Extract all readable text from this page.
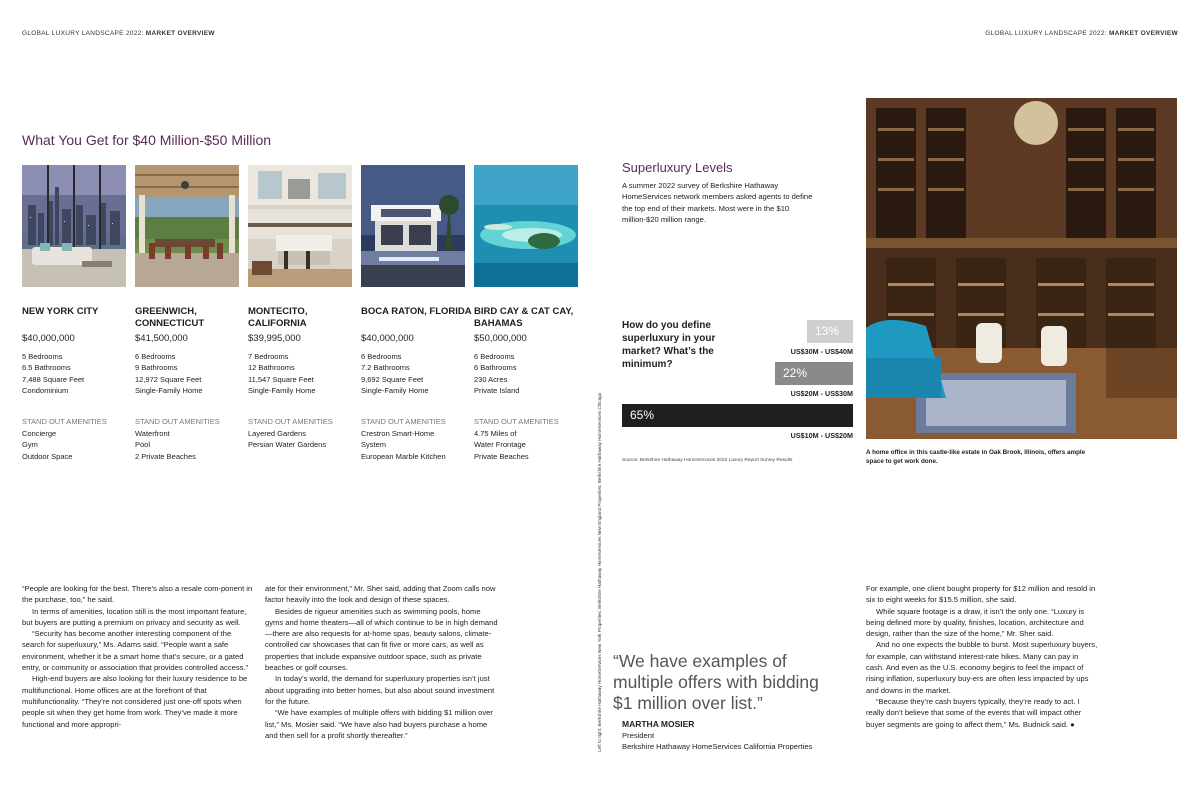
GLOBAL LUXURY LANDSCAPE 2022: MARKET OVERVIEW	GLOBAL LUXURY LANDSCAPE 2022: MARKET OVERVIEW
What You Get for $40 Million-$50 Million
NEW YORK CITY
$40,000,000
5 Bedrooms
6.5 Bathrooms
7,488 Square Feet
Condominium
STAND OUT AMENITIES
Concierge
Gym
Outdoor Space
GREENWICH, CONNECTICUT
$41,500,000
6 Bedrooms
9 Bathrooms
12,972 Square Feet
Single-Family Home
STAND OUT AMENITIES
Waterfront
Pool
2 Private Beaches
MONTECITO, CALIFORNIA
$39,995,000
7 Bedrooms
12 Bathrooms
11,547 Square Feet
Single-Family Home
STAND OUT AMENITIES
Layered Gardens
Persian Water Gardens
BOCA RATON, FLORIDA
$40,000,000
6 Bedrooms
7.2 Bathrooms
9,692 Square Feet
Single-Family Home
STAND OUT AMENITIES
Crestron Smart-Home
System
European Marble Kitchen
BIRD CAY & CAT CAY, BAHAMAS
$50,000,000
6 Bedrooms
6 Bathrooms
230 Acres
Private Island
STAND OUT AMENITIES
4.75 Miles of
Water Frontage
Private Beaches

“People are looking for the best. There’s also a resale com-ponent in the purchase, too,” he said.

In terms of amenities, location still is the most important feature, but buyers are putting a premium on privacy and security as well.

“Security has become another interesting component of the search for superluxury,” Ms. Adams said. “People want a safe environment, whether it be a smart home that’s secure, or a gated entry, or community or association that provides controlled access.”

High-end buyers are also looking for their luxury residence to be multifunctional. Home offices are at the forefront of that multifunctionality. “They’re not considered just one-off spots when people sit when they get home from work. They’ve made it more functional and more appropri-

ate for their environment,” Mr. Sher said, adding that Zoom calls now factor heavily into the look and design of these spaces.

Besides de rigueur amenities such as swimming pools, home gyms and home theaters—all of which continue to be in high demand—there are also requests for at-home spas, beauty salons, climate-controlled car showcases that can fit five or more cars, as well as properties that include expansive outdoor space, such as private beaches or golf courses.

In today’s world, the demand for superluxury properties isn’t just about upgrading into better homes, but also about sound investment for the future.

“We have examples of multiple offers with bidding $1 million over list,” Ms. Mosier said. “We have also had buyers purchase a home and then sell for a profit shortly thereafter.”	Left to right: Berkshire Hathaway HomeServices New York Properties; Berkshire Hathaway HomeServices New England Properties; Berkshire Hathaway HomeServices Chicago
Superluxury Levels
A summer 2022 survey of Berkshire Hathaway HomeServices network members asked agents to define the top end of their markets. Most were in the $10 million-$20 million range.
How do you define superluxury in your market? What’s the minimum?
13%
US$30M - US$40M
22%
US$20M - US$30M
65%
US$10M - US$20M
Source: Berkshire Hathaway HomeServices 2022 Luxury Report Survey Results
A home office in this castle-like estate in Oak Brook, Illinois, offers ample space to get work done.
“We have examples of multiple offers with bidding $1 million over list.”
MARTHA MOSIER
President
Berkshire Hathaway HomeServices California Properties

For example, one client bought property for $12 million and resold in six to eight weeks for $15.5 million, she said.

While square footage is a draw, it isn’t the only one. “Luxury is being defined more by quality, finishes, location, architecture and design, rather than the size of the home,” Mr. Sher said.

And no one expects the bubble to burst. Most superluxury buyers, for example, can withstand interest-rate hikes. Many can pay in cash. And even as the U.S. economy begins to feel the impact of rising inflation, superluxury buy-ers are often less impacted by ups and downs in the market.

“Because they’re cash buyers typically, they’re ready to act. I really don’t believe that some of the events that will impact other buyer segments are going to affect them,” Ms. Budnick said. ●
